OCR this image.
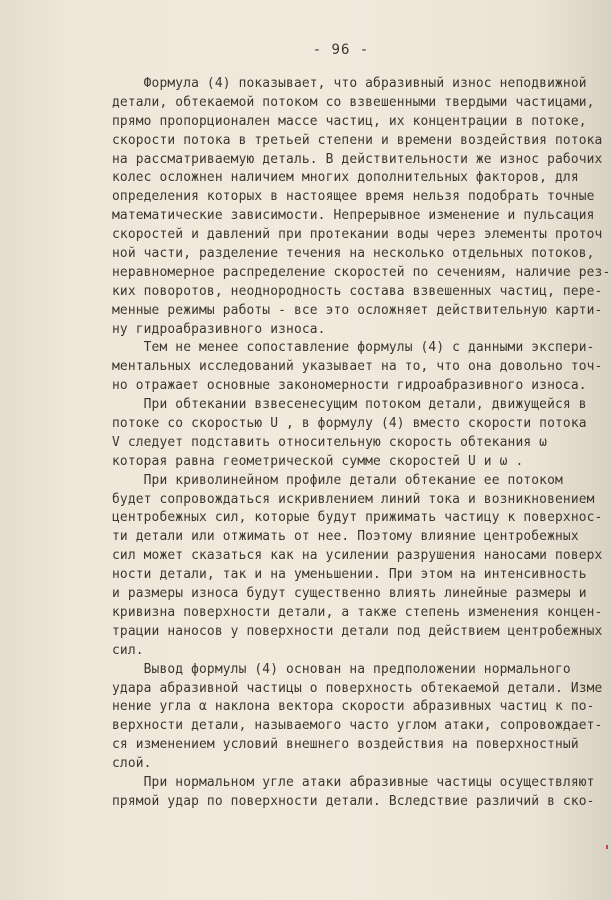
- 96 -
Формула (4) показывает, что абразивный износ неподвижной
детали, обтекаемой потоком со взвешенными твердыми частицами,
прямо пропорционален массе частиц, их концентрации в потоке,
скорости потока в третьей степени и времени воздействия потока
на рассматриваемую деталь. В действительности же износ рабочих
колес осложнен наличием многих дополнительных факторов, для
определения которых в настоящее время нельзя подобрать точные
математические зависимости. Непрерывное изменение и пульсация
скоростей и давлений при протекании воды через элементы проточ
ной части, разделение течения на несколько отдельных потоков,
неравномерное распределение скоростей по сечениям, наличие рез-
ких поворотов, неоднородность состава взвешенных частиц, пере-
менные режимы работы - все это осложняет действительную карти-
ну гидроабразивного износа.
Тем не менее сопоставление формулы (4) с данными экспери-
ментальных исследований указывает на то, что она довольно точ-
но отражает основные закономерности гидроабразивного износа.
При обтекании взвесенесущим потоком детали, движущейся в
потоке со скоростью U , в формулу (4) вместо скорости потока
V следует подставить относительную скорость обтекания ω
которая равна геометрической сумме скоростей U и ω .
При криволинейном профиле детали обтекание ее потоком
будет сопровождаться искривлением линий тока и возникновением
центробежных сил, которые будут прижимать частицу к поверхнос-
ти детали или отжимать от нее. Поэтому влияние центробежных
сил может сказаться как на усилении разрушения наносами поверх
ности детали, так и на уменьшении. При этом на интенсивность
и размеры износа будут существенно влиять линейные размеры и
кривизна поверхности детали, а также степень изменения концен-
трации наносов у поверхности детали под действием центробежных
сил.
Вывод формулы (4) основан на предположении нормального
удара абразивной частицы о поверхность обтекаемой детали. Изме
нение угла α наклона вектора скорости абразивных частиц к по-
верхности детали, называемого часто углом атаки, сопровождает-
ся изменением условий внешнего воздействия на поверхностный
слой.
При нормальном угле атаки абразивные частицы осуществляют
прямой удар по поверхности детали. Вследствие различий в ско-
